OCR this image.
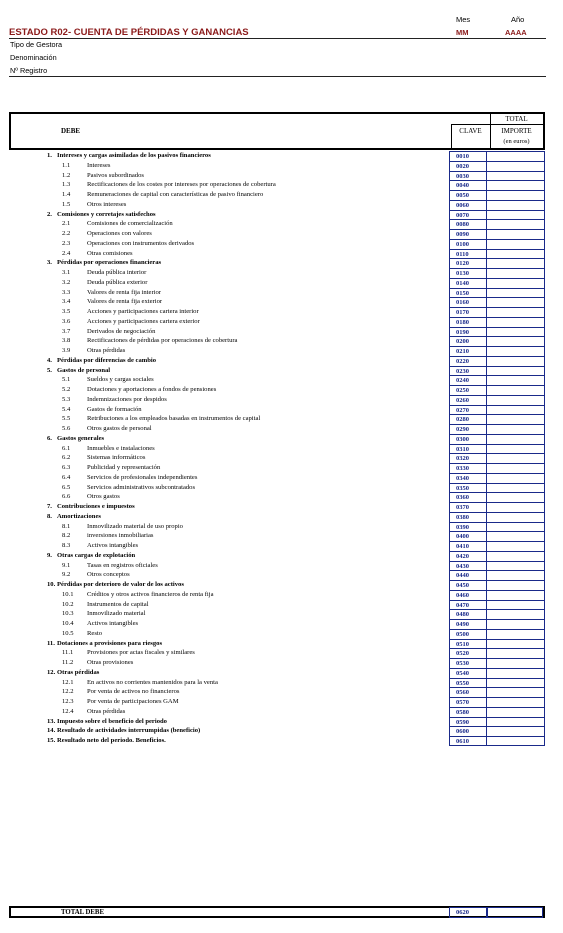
ESTADO R02- CUENTA DE PÉRDIDAS Y GANANCIAS
Mes	Año
MM	AAAA
Tipo de Gestora
Denominación
Nº Registro
DEBE
TOTAL
CLAVE	IMPORTE
(en euros)
1. Intereses y cargas asimiladas de los pasivos financieros	0010
1.1	Intereses	0020
1.2	Pasivos subordinados	0030
1.3	Rectificaciones de los costes por intereses por operaciones de cobertura	0040
1.4	Remuneraciones de capital con características de pasivo financiero	0050
1.5	Otros intereses	0060
2. Comisiones y corretajes satisfechos	0070
2.1	Comisiones de comercialización	0080
2.2	Operaciones con valores	0090
2.3	Operaciones con instrumentos derivados	0100
2.4	Otras comisiones	0110
3. Pérdidas por operaciones financieras	0120
3.1	Deuda pública interior	0130
3.2	Deuda pública exterior	0140
3.3	Valores de renta fija interior	0150
3.4	Valores de renta fija exterior	0160
3.5	Acciones y participaciones cartera interior	0170
3.6	Acciones y participaciones cartera exterior	0180
3.7	Derivados de negociación	0190
3.8	Rectificaciones de pérdidas por operaciones de cobertura	0200
3.9	Otras pérdidas	0210
4. Pérdidas por diferencias de cambio	0220
5. Gastos de personal	0230
5.1	Sueldos y cargas sociales	0240
5.2	Dotaciones y aportaciones a fondos de pensiones	0250
5.3	Indemnizaciones por despidos	0260
5.4	Gastos de formación	0270
5.5	Retribuciones a los empleados basadas en instrumentos de capital	0280
5.6	Otros gastos de personal	0290
6. Gastos generales	0300
6.1	Inmuebles e instalaciones	0310
6.2	Sistemas informáticos	0320
6.3	Publicidad y representación	0330
6.4	Servicios de profesionales independientes	0340
6.5	Servicios administrativos subcontratados	0350
6.6	Otros gastos	0360
7. Contribuciones e impuestos	0370
8. Amortizaciones	0380
8.1	Inmovilizado material de uso propio	0390
8.2	inversiones inmobiliarias	0400
8.3	Activos intangibles	0410
9. Otras cargas de explotación	0420
9.1	Tasas en registros oficiales	0430
9.2	Otros conceptos	0440
10. Pérdidas por deterioro de valor de los activos	0450
10.1 Créditos y otros activos financieros de renta fija	0460
10.2 Instrumentos de capital	0470
10.3 Inmovilizado material	0480
10.4 Activos intangibles	0490
10.5 Resto	0500
11. Dotaciones a provisiones para riesgos	0510
11.1 Provisiones por actas fiscales y similares	0520
11.2 Otras provisiones	0530
12. Otras pérdidas	0540
12.1 En activos no corrientes mantenidos para la venta	0550
12.2 Por venta de activos no financieros	0560
12.3 Por venta de participaciones GAM	0570
12.4 Otras pérdidas	0580
13. Impuesto sobre el beneficio del periodo	0590
14. Resultado de actividades interrumpidas (beneficio)	0600
15. Resultado neto del periodo. Beneficios.	0610
TOTAL DEBE	0620
